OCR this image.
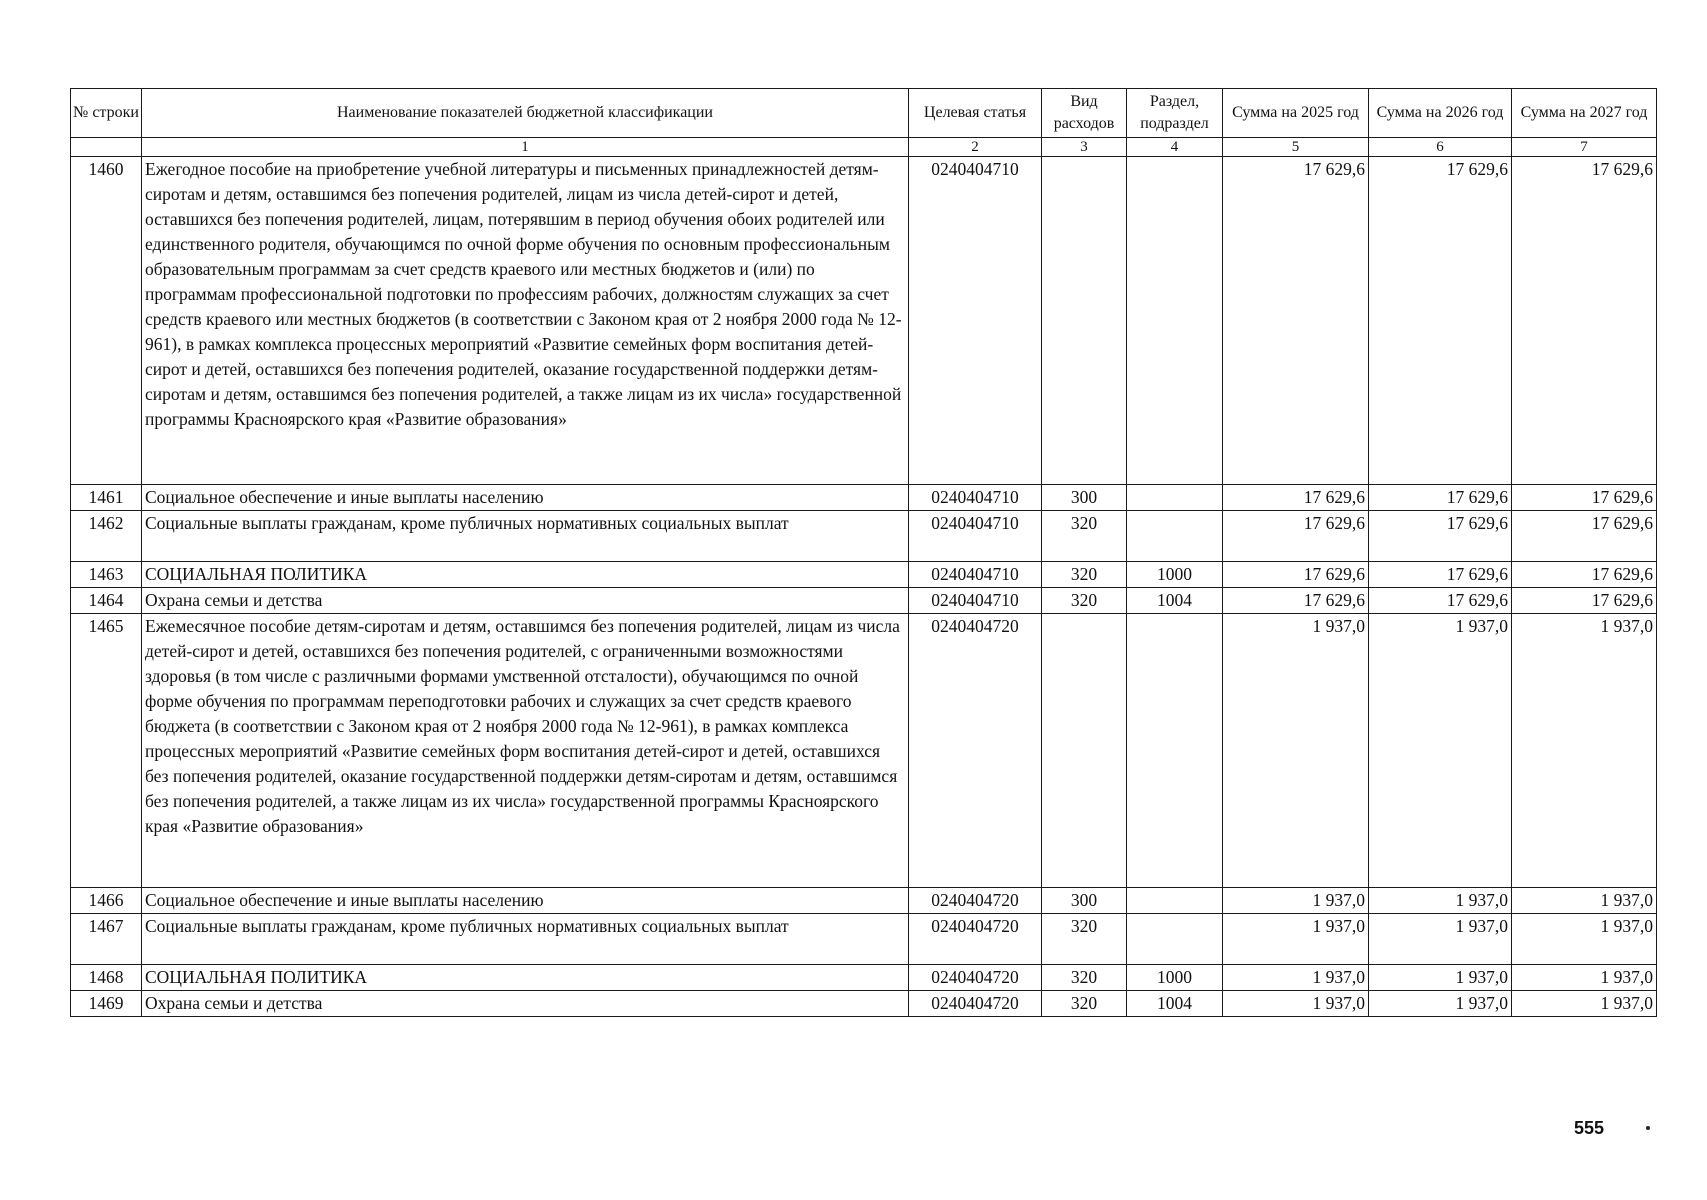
№ строки	Наименование показателей бюджетной классификации	Целевая статья	Вид расходов	Раздел, подраздел	Сумма на 2025 год	Сумма на 2026 год	Сумма на 2027 год
	1	2	3	4	5	6	7
1460	Ежегодное пособие на приобретение учебной литературы и письменных принадлежностей детям-сиротам и детям, оставшимся без попечения родителей, лицам из числа детей-сирот и детей, оставшихся без попечения родителей, лицам, потерявшим в период обучения обоих родителей или единственного родителя, обучающимся по очной форме обучения по основным профессиональным образовательным программам за счет средств краевого или местных бюджетов и (или) по программам профессиональной подготовки по профессиям рабочих, должностям служащих за счет средств краевого или местных бюджетов (в соответствии с Законом края от 2 ноября 2000 года № 12-961), в рамках комплекса процессных мероприятий «Развитие семейных форм воспитания детей-сирот и детей, оставшихся без попечения родителей, оказание государственной поддержки детям-сиротам и детям, оставшимся без попечения родителей, а также лицам из их числа» государственной программы Красноярского края «Развитие образования»	0240404710			17 629,6	17 629,6	17 629,6
1461	Социальное обеспечение и иные выплаты населению	0240404710	300		17 629,6	17 629,6	17 629,6
1462	Социальные выплаты гражданам, кроме публичных нормативных социальных выплат	0240404710	320		17 629,6	17 629,6	17 629,6
1463	СОЦИАЛЬНАЯ ПОЛИТИКА	0240404710	320	1000	17 629,6	17 629,6	17 629,6
1464	Охрана семьи и детства	0240404710	320	1004	17 629,6	17 629,6	17 629,6
1465	Ежемесячное пособие детям-сиротам и детям, оставшимся без попечения родителей, лицам из числа детей-сирот и детей, оставшихся без попечения родителей, с ограниченными возможностями здоровья (в том числе с различными формами умственной отсталости), обучающимся по очной форме обучения по программам переподготовки рабочих и служащих за счет средств краевого бюджета (в соответствии с Законом края от 2 ноября 2000 года № 12-961), в рамках комплекса процессных мероприятий «Развитие семейных форм воспитания детей-сирот и детей, оставшихся без попечения родителей, оказание государственной поддержки детям-сиротам и детям, оставшимся без попечения родителей, а также лицам из их числа» государственной программы Красноярского края «Развитие образования»	0240404720			1 937,0	1 937,0	1 937,0
1466	Социальное обеспечение и иные выплаты населению	0240404720	300		1 937,0	1 937,0	1 937,0
1467	Социальные выплаты гражданам, кроме публичных нормативных социальных выплат	0240404720	320		1 937,0	1 937,0	1 937,0
1468	СОЦИАЛЬНАЯ ПОЛИТИКА	0240404720	320	1000	1 937,0	1 937,0	1 937,0
1469	Охрана семьи и детства	0240404720	320	1004	1 937,0	1 937,0	1 937,0
555
